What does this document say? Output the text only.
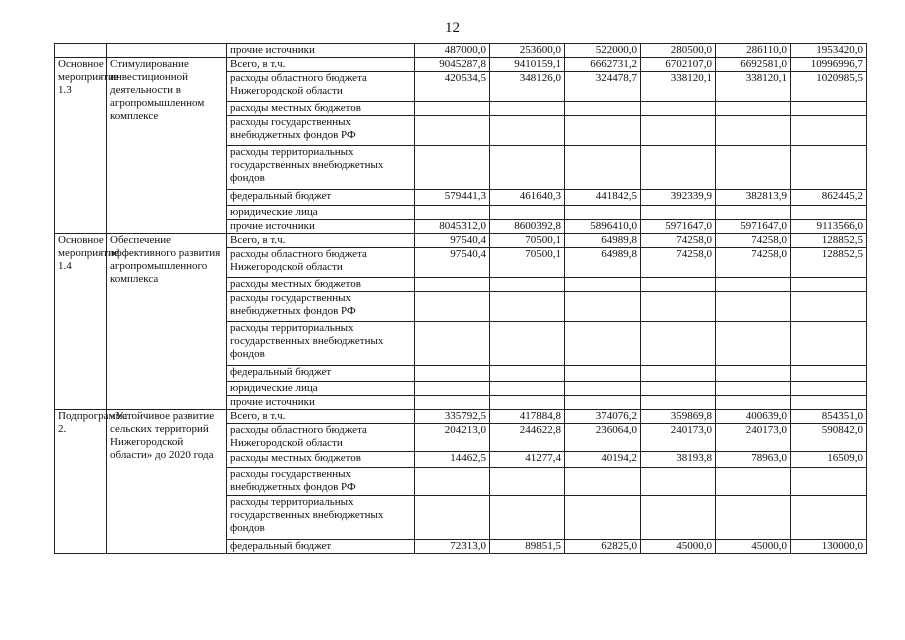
12
		прочие источники	487000,0	253600,0	522000,0	280500,0	286110,0	1953420,0
Основное мероприятие 1.3	Стимулирование инвестиционной деятельности в агропромышленном комплексе	Всего, в т.ч.	9045287,8	9410159,1	6662731,2	6702107,0	6692581,0	10996996,7
		расходы областного бюджета Нижегородской области	420534,5	348126,0	324478,7	338120,1	338120,1	1020985,5
		расходы местных бюджетов						
		расходы государственных внебюджетных фондов РФ						
		расходы территориальных государственных внебюджетных фондов						
		федеральный бюджет	579441,3	461640,3	441842,5	392339,9	382813,9	862445,2
		юридические лица						
		прочие источники	8045312,0	8600392,8	5896410,0	5971647,0	5971647,0	9113566,0
Основное мероприятие 1.4	Обеспечение эффективного развития агропромышленного комплекса	Всего, в т.ч.	97540,4	70500,1	64989,8	74258,0	74258,0	128852,5
		расходы областного бюджета Нижегородской области	97540,4	70500,1	64989,8	74258,0	74258,0	128852,5
		расходы местных бюджетов						
		расходы государственных внебюджетных фондов РФ						
		расходы территориальных государственных внебюджетных фондов						
		федеральный бюджет						
		юридические лица						
		прочие источники						
Подпрограмма 2.	«Устойчивое развитие сельских территорий Нижегородской области» до 2020 года	Всего, в т.ч.	335792,5	417884,8	374076,2	359869,8	400639,0	854351,0
		расходы областного бюджета Нижегородской области	204213,0	244622,8	236064,0	240173,0	240173,0	590842,0
		расходы местных бюджетов	14462,5	41277,4	40194,2	38193,8	78963,0	16509,0
		расходы государственных внебюджетных фондов РФ						
		расходы территориальных государственных внебюджетных фондов						
		федеральный бюджет	72313,0	89851,5	62825,0	45000,0	45000,0	130000,0
